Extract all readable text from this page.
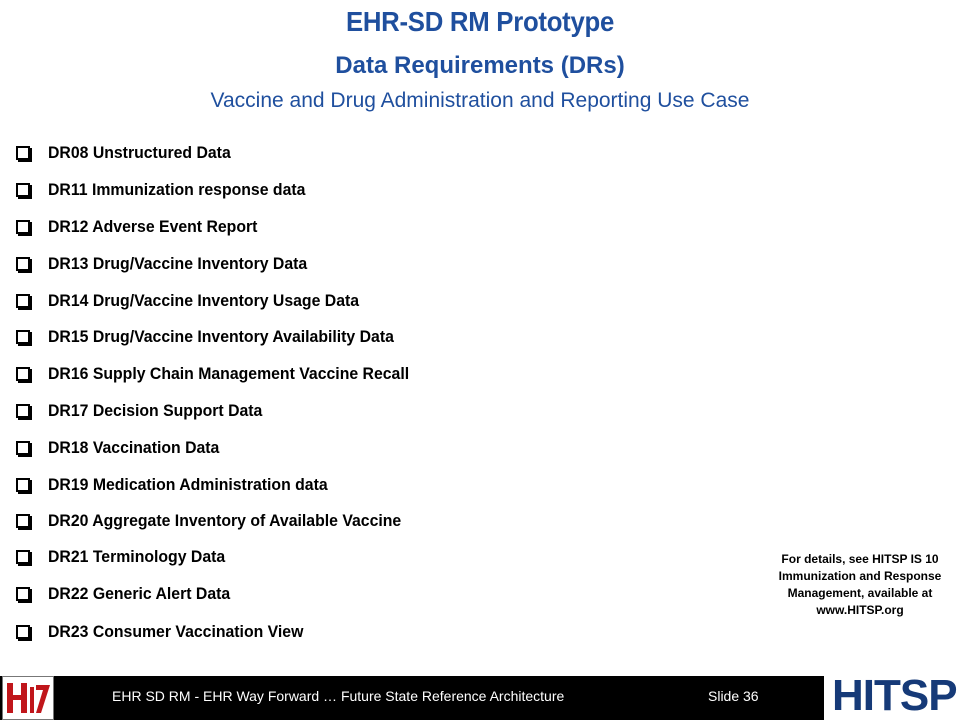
EHR-SD RM Prototype
Data Requirements (DRs)
Vaccine and Drug Administration and Reporting Use Case
DR08 Unstructured Data
DR11 Immunization response data
DR12 Adverse Event Report
DR13 Drug/Vaccine Inventory Data
DR14 Drug/Vaccine Inventory Usage Data
DR15 Drug/Vaccine Inventory Availability Data
DR16 Supply Chain Management Vaccine Recall
DR17 Decision Support Data
DR18 Vaccination Data
DR19 Medication Administration data
DR20 Aggregate Inventory of Available Vaccine
DR21 Terminology Data
DR22 Generic Alert Data
DR23 Consumer Vaccination View
For details, see HITSP IS 10
Immunization and Response
Management, available at
www.HITSP.org
HL7
EHR SD RM - EHR Way Forward … Future State Reference Architecture	Slide 36	HITSP
